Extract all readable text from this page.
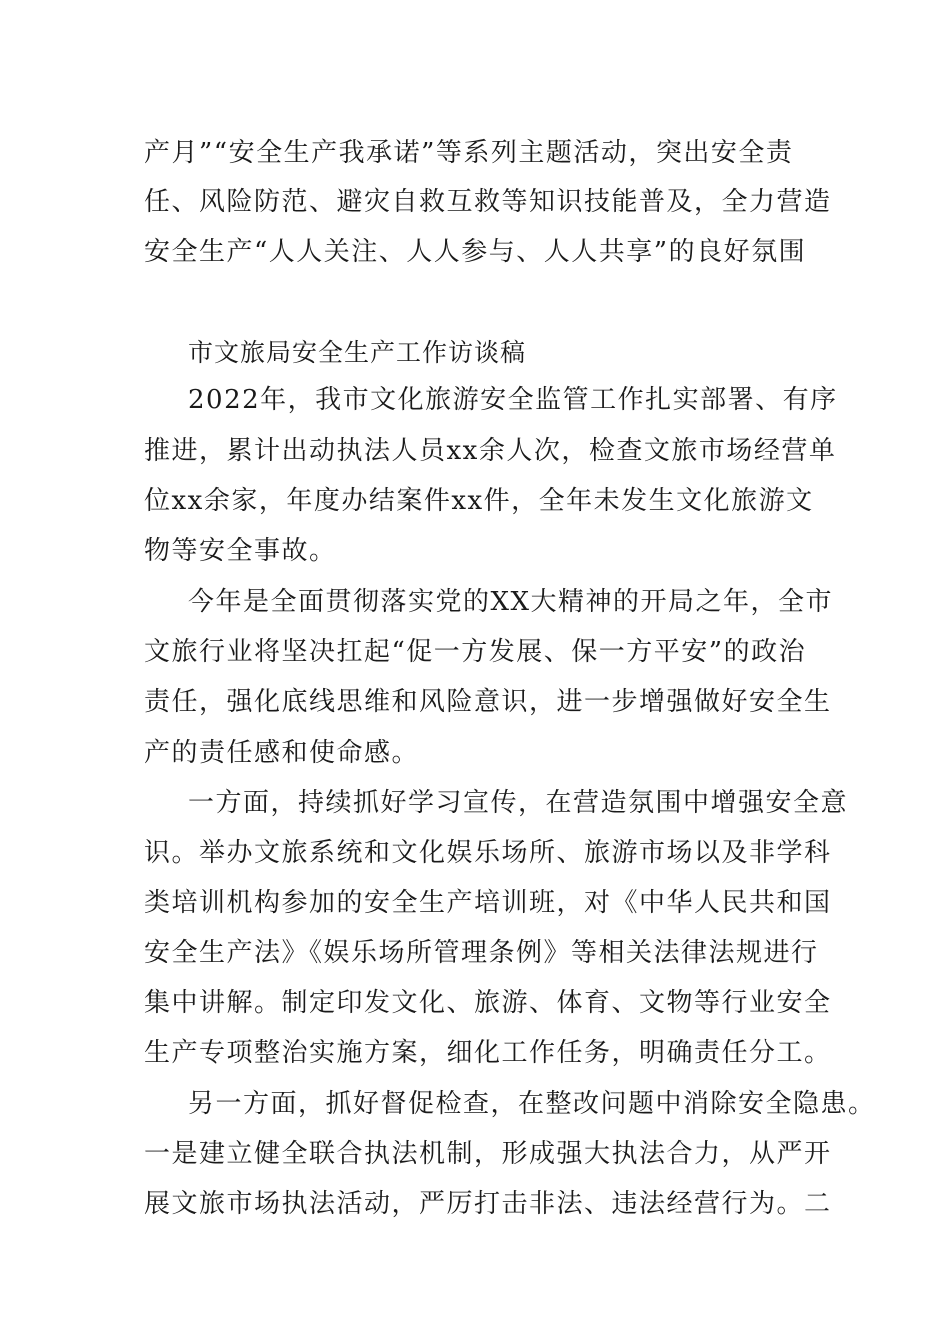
产月”“安全生产我承诺”等系列主题活动，突出安全责
任、风险防范、避灾自救互救等知识技能普及，全力营造
安全生产“人人关注、人人参与、人人共享”的良好氛围
市文旅局安全生产工作访谈稿
2022年，我市文化旅游安全监管工作扎实部署、有序
推进，累计出动执法人员xx余人次，检查文旅市场经营单
位xx余家，年度办结案件xx件，全年未发生文化旅游文
物等安全事故。
今年是全面贯彻落实党的XX大精神的开局之年，全市
文旅行业将坚决扛起“促一方发展、保一方平安”的政治
责任，强化底线思维和风险意识，进一步增强做好安全生
产的责任感和使命感。
一方面，持续抓好学习宣传，在营造氛围中增强安全意
识。举办文旅系统和文化娱乐场所、旅游市场以及非学科
类培训机构参加的安全生产培训班，对《中华人民共和国
安全生产法》《娱乐场所管理条例》等相关法律法规进行
集中讲解。制定印发文化、旅游、体育、文物等行业安全
生产专项整治实施方案，细化工作任务，明确责任分工。
另一方面，抓好督促检查，在整改问题中消除安全隐患。
一是建立健全联合执法机制，形成强大执法合力，从严开
展文旅市场执法活动，严厉打击非法、违法经营行为。二
